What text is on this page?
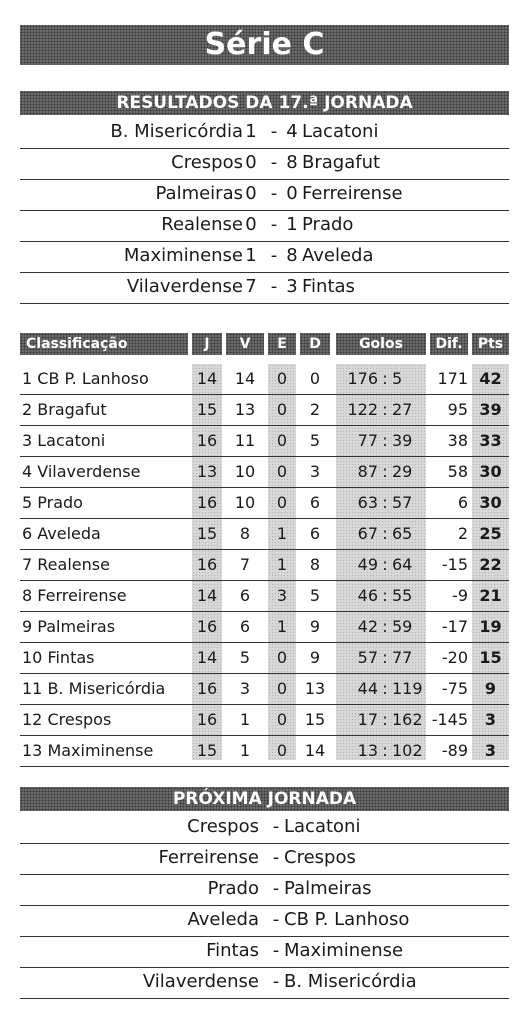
Série C
RESULTADOS DA 17.ª JORNADA
B. Misericórdia 1 - 4 Lacatoni
Crespos 0 - 8 Bragafut
Palmeiras 0 - 0 Ferreirense
Realense 0 - 1 Prado
Maximinense 1 - 8 Aveleda
Vilaverdense 7 - 3 Fintas
Classificação	J	V	E	D	Golos	Dif.	Pts
1 CB P. Lanhoso	14	14	0	0	176 : 5	171 42
2 Bragafut	15	13	0	2	122 : 27	95 39
3 Lacatoni	16	11	0	5	77 : 39	38 33
4 Vilaverdense	13	10	0	3	87 : 29	58 30
5 Prado	16	10	0	6	63 : 57	6 30
6 Aveleda	15	8	1	6	67 : 65	2 25
7 Realense	16	7	1	8	49 : 64	-15 22
8 Ferreirense	14	6	3	5	46 : 55	-9 21
9 Palmeiras	16	6	1	9	42 : 59	-17 19
10 Fintas	14	5	0	9	57 : 77	-20 15
11 B. Misericórdia	16	3	0	13	44 : 119	-75	9
12 Crespos	16	1	0	15	17 : 162 -145	3
13 Maximinense	15	1	0	14	13 : 102	-89	3
PRÓXIMA JORNADA
Crespos - Lacatoni
Ferreirense - Crespos
Prado - Palmeiras
Aveleda - CB P. Lanhoso
Fintas - Maximinense
Vilaverdense - B. Misericórdia
